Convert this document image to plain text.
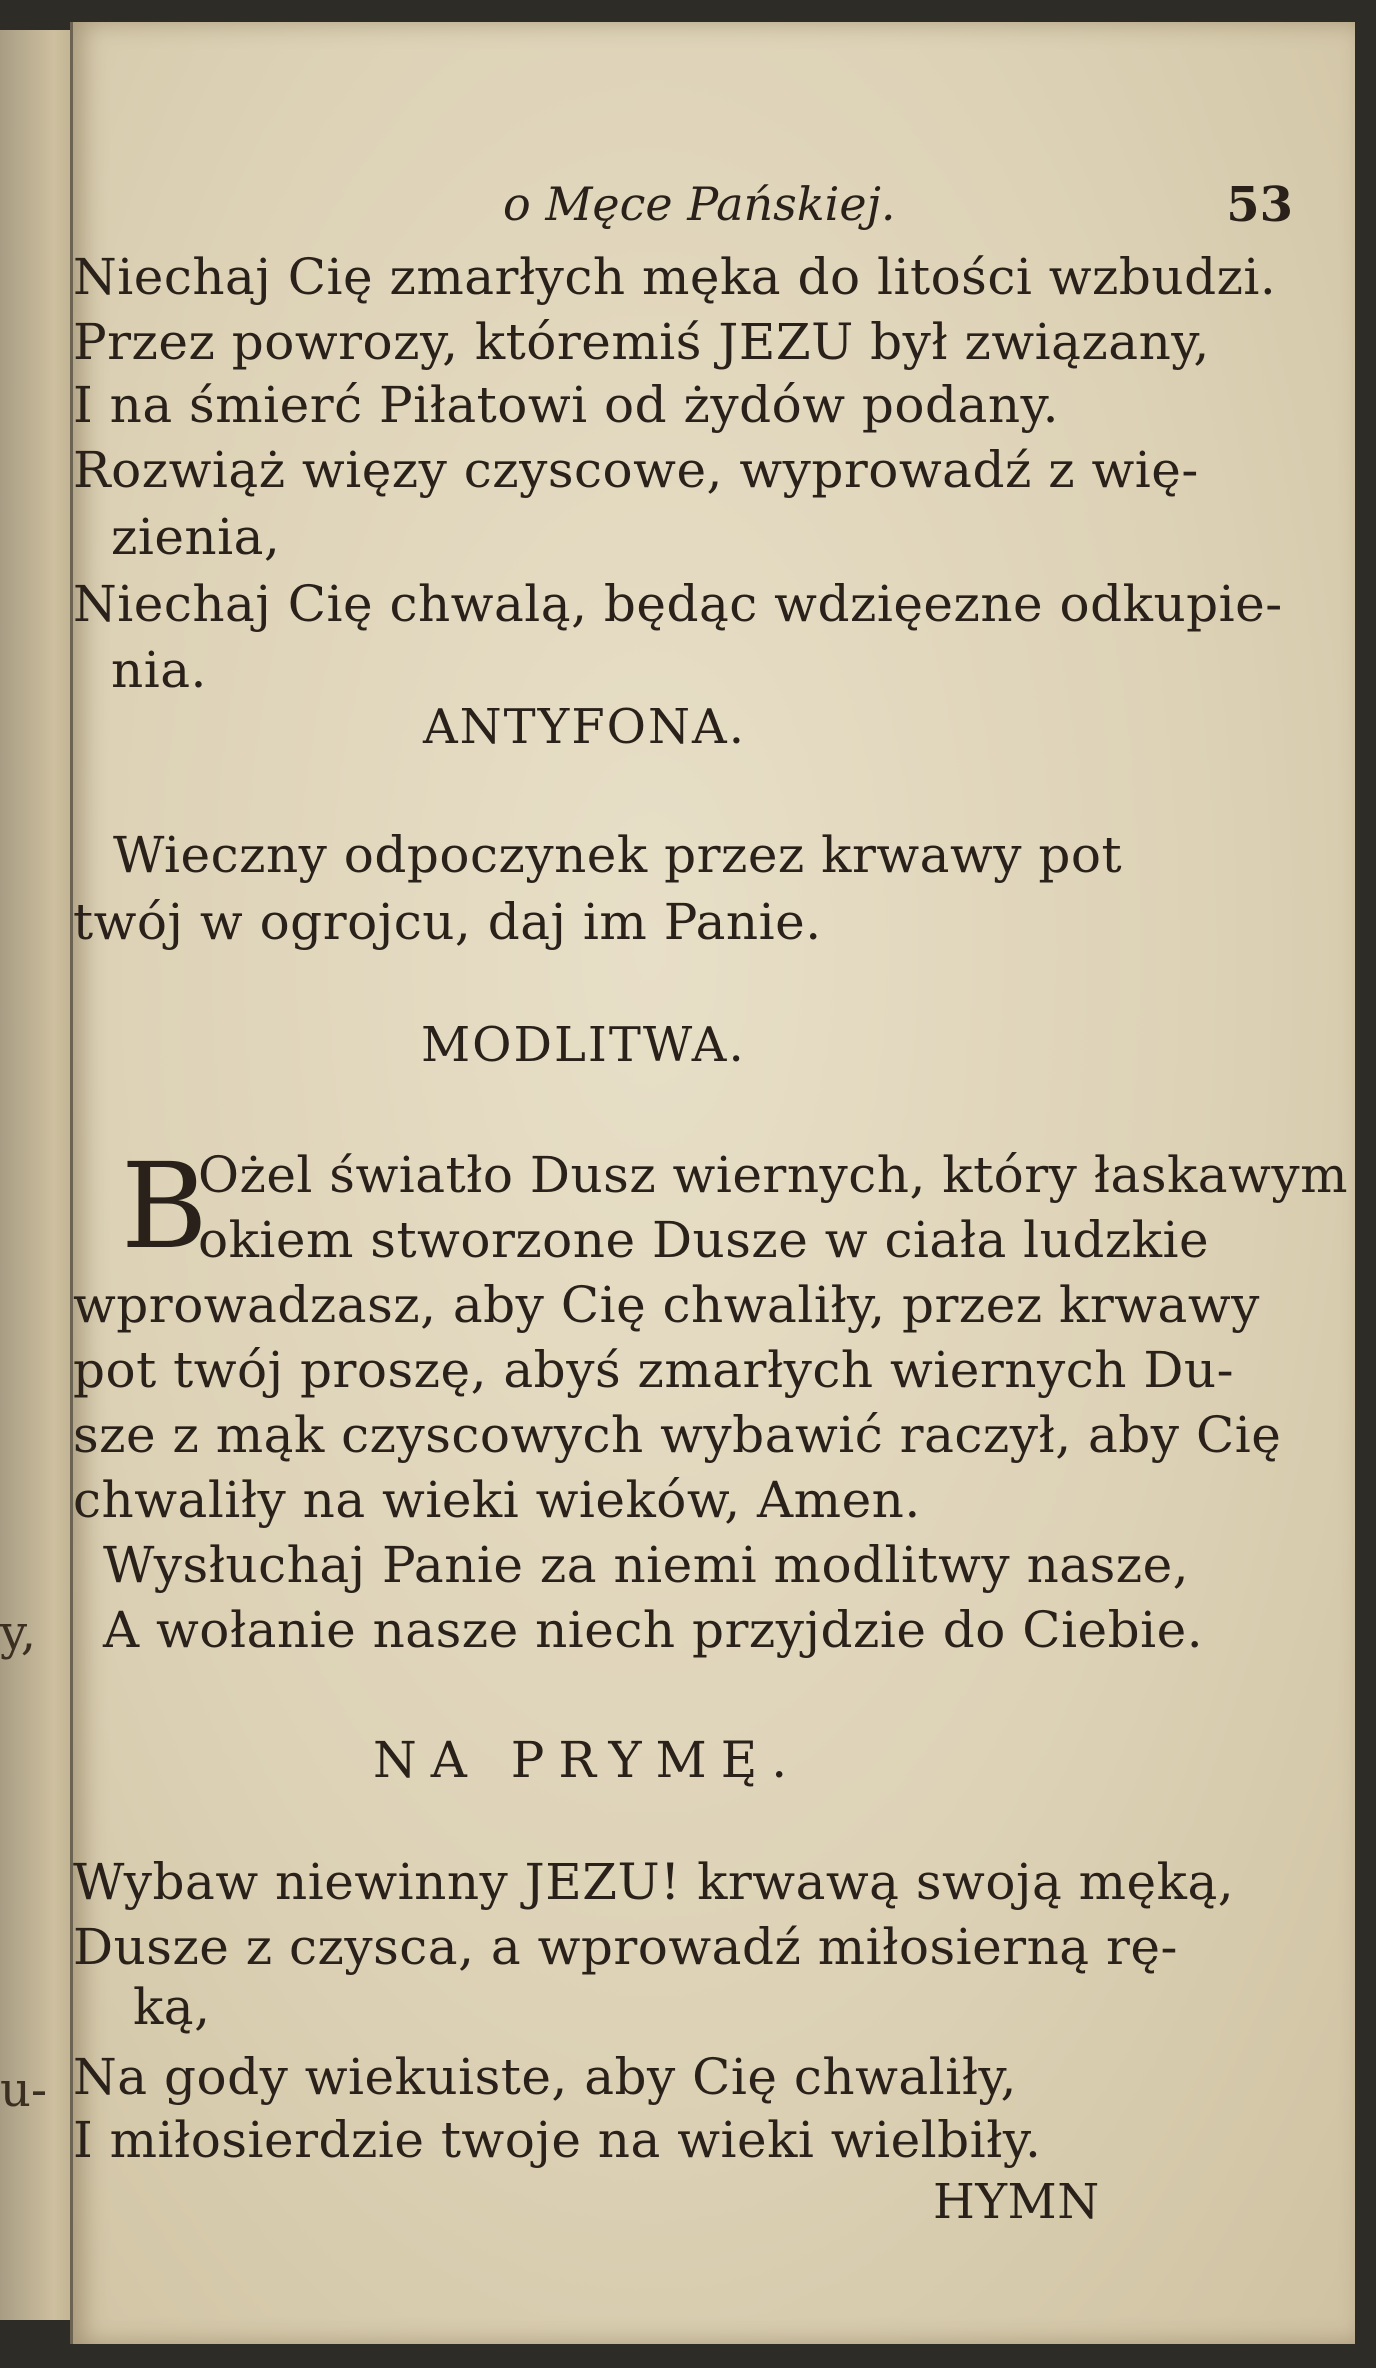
y,
u-
o Męce Pańskiej.	53
Niechaj Cię zmarłych męka do litości wzbudzi.
Przez powrozy, któremiś JEZU był związany,
I na śmierć Piłatowi od żydów podany.
Rozwiąż więzy czyscowe, wyprowadź z wię-
zienia,
Niechaj Cię chwalą, będąc wdzięezne odkupie-
nia.
ANTYFONA.
Wieczny odpoczynek przez krwawy pot
twój w ogrojcu, daj im Panie.
MODLITWA.
B
Ożel światło Dusz wiernych, który łaskawym
okiem stworzone Dusze w ciała ludzkie
wprowadzasz, aby Cię chwaliły, przez krwawy
pot twój proszę, abyś zmarłych wiernych Du-
sze z mąk czyscowych wybawić raczył, aby Cię
chwaliły na wieki wieków, Amen.
Wysłuchaj Panie za niemi modlitwy nasze,
A wołanie nasze niech przyjdzie do Ciebie.
NA PRYMĘ.
Wybaw niewinny JEZU! krwawą swoją męką,
Dusze z czysca, a wprowadź miłosierną rę-
ką,
Na gody wiekuiste, aby Cię chwaliły,
I miłosierdzie twoje na wieki wielbiły.
HYMN
